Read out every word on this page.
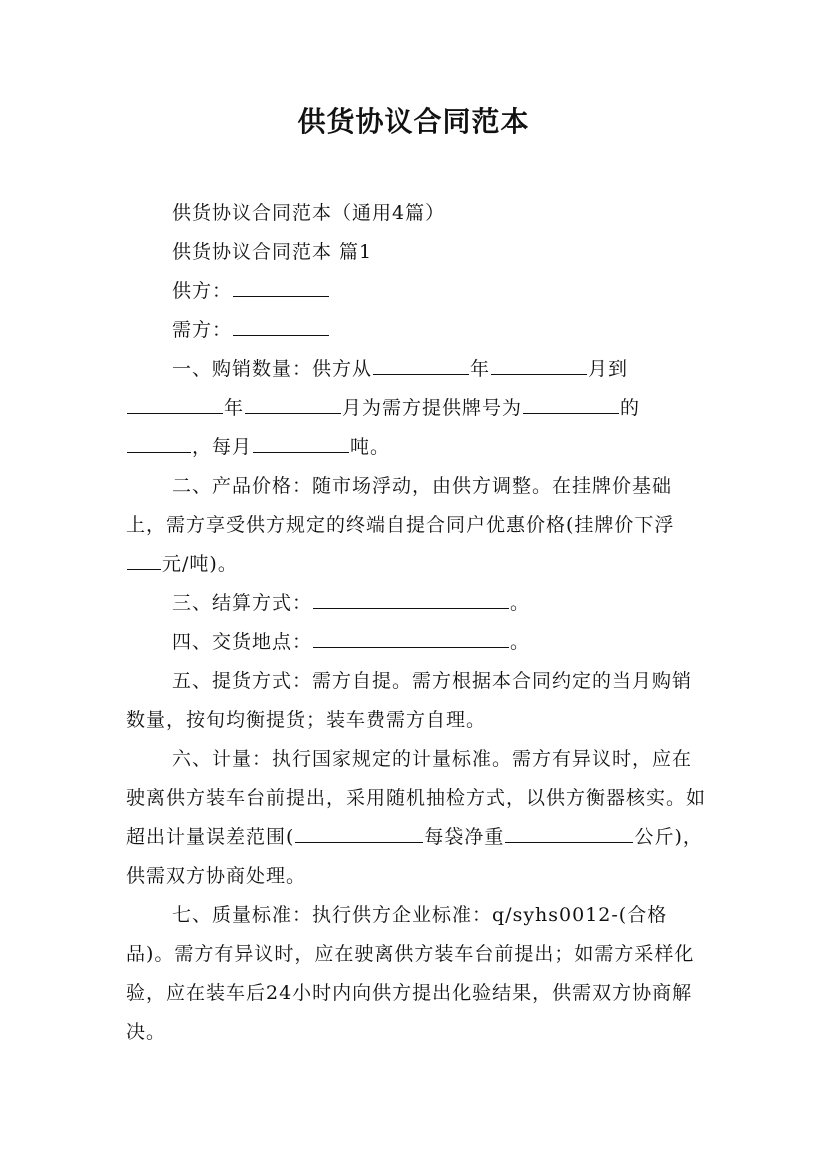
供货协议合同范本
供货协议合同范本（通用4篇）
供货协议合同范本 篇1
供方：
需方：
一、购销数量：供方从	年	月到年	月为需方提供牌号为	的，每月	吨。
二、产品价格：随市场浮动，由供方调整。在挂牌价基础上，需方享受供方规定的终端自提合同户优惠价格(挂牌价下浮元/吨)。
三、结算方式：	。
四、交货地点：	。
五、提货方式：需方自提。需方根据本合同约定的当月购销数量，按旬均衡提货；装车费需方自理。
六、计量：执行国家规定的计量标准。需方有异议时，应在驶离供方装车台前提出，采用随机抽检方式，以供方衡器核实。如超出计量误差范围(	每袋净重	公斤)，供需双方协商处理。
七、质量标准：执行供方企业标准：q/syhs0012-(合格品)。需方有异议时，应在驶离供方装车台前提出；如需方采样化验，应在装车后24小时内向供方提出化验结果，供需双方协商解决。
